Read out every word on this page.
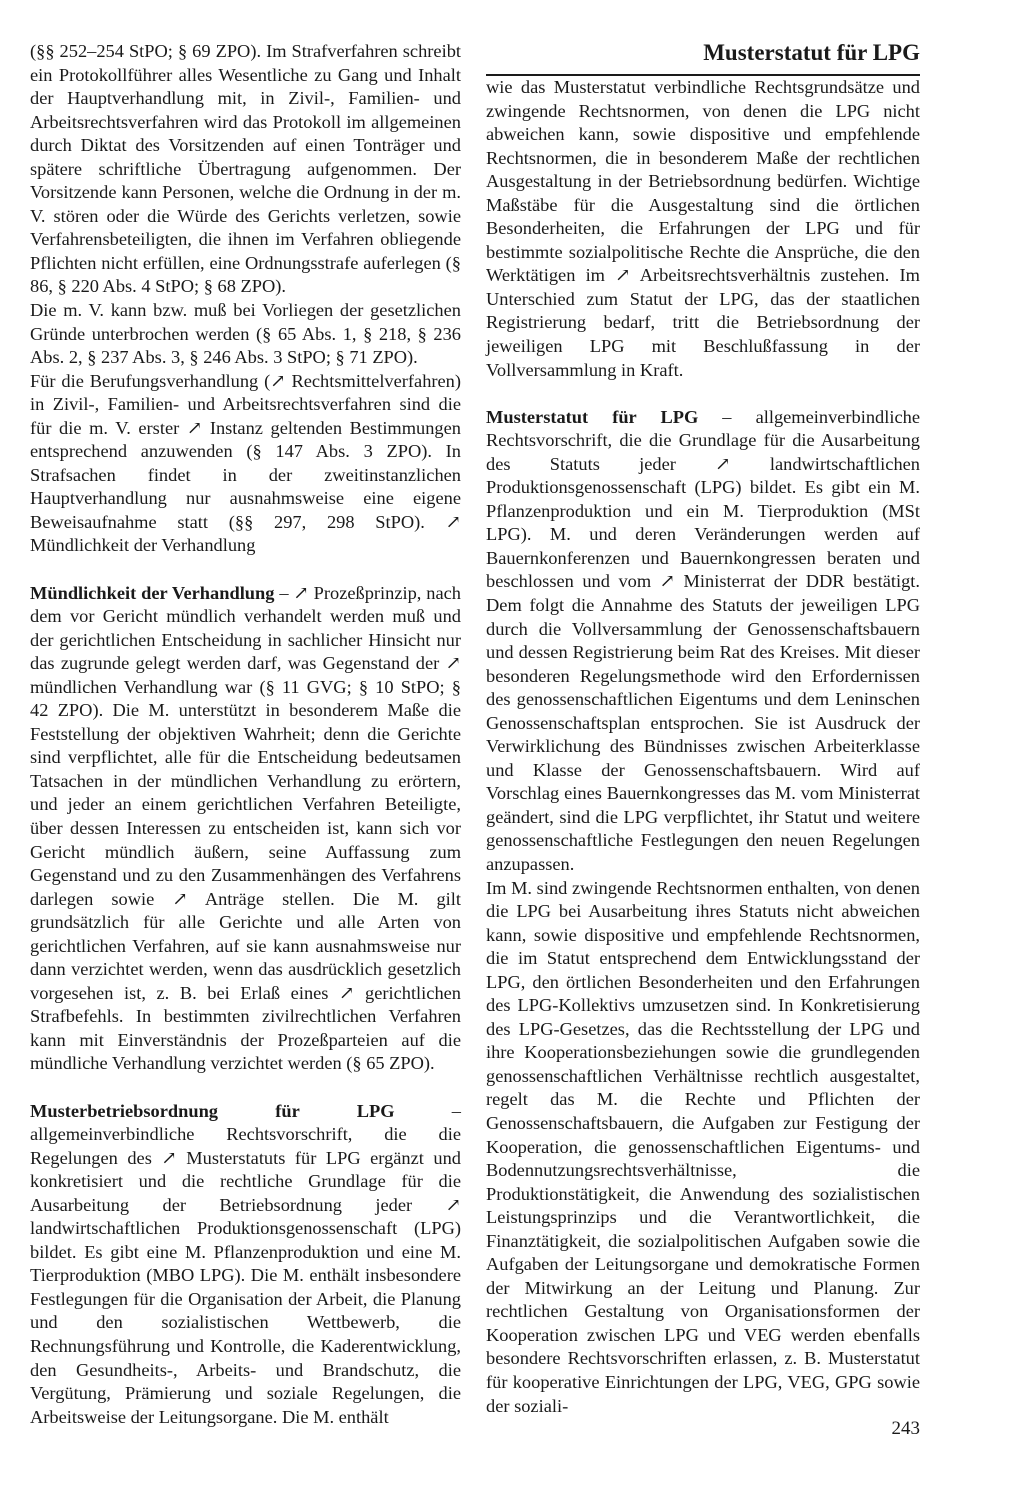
Musterstatut für LPG

(§§ 252–254 StPO; § 69 ZPO). Im Strafverfahren schreibt ein Protokollführer alles Wesentliche zu Gang und Inhalt der Hauptverhandlung mit, in Zivil-, Familien- und Arbeitsrechtsverfahren wird das Protokoll im allgemeinen durch Diktat des Vorsitzenden auf einen Tonträger und spätere schriftliche Übertragung aufgenommen. Der Vorsitzende kann Personen, welche die Ordnung in der m. V. stören oder die Würde des Gerichts verletzen, sowie Verfahrensbeteiligten, die ihnen im Verfahren obliegende Pflichten nicht erfüllen, eine Ordnungsstrafe auferlegen (§ 86, § 220 Abs. 4 StPO; § 68 ZPO).

Die m. V. kann bzw. muß bei Vorliegen der gesetzlichen Gründe unterbrochen werden (§ 65 Abs. 1, § 218, § 236 Abs. 2, § 237 Abs. 3, § 246 Abs. 3 StPO; § 71 ZPO).

Für die Berufungsverhandlung (↗ Rechtsmittelverfahren) in Zivil-, Familien- und Arbeitsrechtsverfahren sind die für die m. V. erster ↗ Instanz geltenden Bestimmungen entsprechend anzuwenden (§ 147 Abs. 3 ZPO). In Strafsachen findet in der zweitinstanzlichen Hauptverhandlung nur ausnahmsweise eine eigene Beweisaufnahme statt (§§ 297, 298 StPO). ↗ Mündlichkeit der Verhandlung

Mündlichkeit der Verhandlung – ↗ Prozeßprinzip, nach dem vor Gericht mündlich verhandelt werden muß und der gerichtlichen Entscheidung in sachlicher Hinsicht nur das zugrunde gelegt werden darf, was Gegenstand der ↗ mündlichen Verhandlung war (§ 11 GVG; § 10 StPO; § 42 ZPO). Die M. unterstützt in besonderem Maße die Feststellung der objektiven Wahrheit; denn die Gerichte sind verpflichtet, alle für die Entscheidung bedeutsamen Tatsachen in der mündlichen Verhandlung zu erörtern, und jeder an einem gerichtlichen Verfahren Beteiligte, über dessen Interessen zu entscheiden ist, kann sich vor Gericht mündlich äußern, seine Auffassung zum Gegenstand und zu den Zusammenhängen des Verfahrens darlegen sowie ↗ Anträge stellen. Die M. gilt grundsätzlich für alle Gerichte und alle Arten von gerichtlichen Verfahren, auf sie kann ausnahmsweise nur dann verzichtet werden, wenn das ausdrücklich gesetzlich vorgesehen ist, z. B. bei Erlaß eines ↗ gerichtlichen Strafbefehls. In bestimmten zivilrechtlichen Verfahren kann mit Einverständnis der Prozeßparteien auf die mündliche Verhandlung verzichtet werden (§ 65 ZPO).

Musterbetriebsordnung für LPG – allgemeinverbindliche Rechtsvorschrift, die die Regelungen des ↗ Musterstatuts für LPG ergänzt und konkretisiert und die rechtliche Grundlage für die Ausarbeitung der Betriebsordnung jeder ↗ landwirtschaftlichen Produktionsgenossenschaft (LPG) bildet. Es gibt eine M. Pflanzenproduktion und eine M. Tierproduktion (MBO LPG). Die M. enthält insbesondere Festlegungen für die Organisation der Arbeit, die Planung und den sozialistischen Wettbewerb, die Rechnungsführung und Kontrolle, die Kaderentwicklung, den Gesundheits-, Arbeits- und Brandschutz, die Vergütung, Prämierung und soziale Regelungen, die Arbeitsweise der Leitungsorgane. Die M. enthält

wie das Musterstatut verbindliche Rechtsgrundsätze und zwingende Rechtsnormen, von denen die LPG nicht abweichen kann, sowie dispositive und empfehlende Rechtsnormen, die in besonderem Maße der rechtlichen Ausgestaltung in der Betriebsordnung bedürfen. Wichtige Maßstäbe für die Ausgestaltung sind die örtlichen Besonderheiten, die Erfahrungen der LPG und für bestimmte sozialpolitische Rechte die Ansprüche, die den Werktätigen im ↗ Arbeitsrechtsverhältnis zustehen. Im Unterschied zum Statut der LPG, das der staatlichen Registrierung bedarf, tritt die Betriebsordnung der jeweiligen LPG mit Beschlußfassung in der Vollversammlung in Kraft.

Musterstatut für LPG – allgemeinverbindliche Rechtsvorschrift, die die Grundlage für die Ausarbeitung des Statuts jeder ↗ landwirtschaftlichen Produktionsgenossenschaft (LPG) bildet. Es gibt ein M. Pflanzenproduktion und ein M. Tierproduktion (MSt LPG). M. und deren Veränderungen werden auf Bauernkonferenzen und Bauernkongressen beraten und beschlossen und vom ↗ Ministerrat der DDR bestätigt. Dem folgt die Annahme des Statuts der jeweiligen LPG durch die Vollversammlung der Genossenschaftsbauern und dessen Registrierung beim Rat des Kreises. Mit dieser besonderen Regelungsmethode wird den Erfordernissen des genossenschaftlichen Eigentums und dem Leninschen Genossenschaftsplan entsprochen. Sie ist Ausdruck der Verwirklichung des Bündnisses zwischen Arbeiterklasse und Klasse der Genossenschaftsbauern. Wird auf Vorschlag eines Bauernkongresses das M. vom Ministerrat geändert, sind die LPG verpflichtet, ihr Statut und weitere genossenschaftliche Festlegungen den neuen Regelungen anzupassen.

Im M. sind zwingende Rechtsnormen enthalten, von denen die LPG bei Ausarbeitung ihres Statuts nicht abweichen kann, sowie dispositive und empfehlende Rechtsnormen, die im Statut entsprechend dem Entwicklungsstand der LPG, den örtlichen Besonderheiten und den Erfahrungen des LPG-Kollektivs umzusetzen sind. In Konkretisierung des LPG-Gesetzes, das die Rechtsstellung der LPG und ihre Kooperationsbeziehungen sowie die grundlegenden genossenschaftlichen Verhältnisse rechtlich ausgestaltet, regelt das M. die Rechte und Pflichten der Genossenschaftsbauern, die Aufgaben zur Festigung der Kooperation, die genossenschaftlichen Eigentums- und Bodennutzungsrechtsverhältnisse, die Produktionstätigkeit, die Anwendung des sozialistischen Leistungsprinzips und die Verantwortlichkeit, die Finanztätigkeit, die sozialpolitischen Aufgaben sowie die Aufgaben der Leitungsorgane und demokratische Formen der Mitwirkung an der Leitung und Planung. Zur rechtlichen Gestaltung von Organisationsformen der Kooperation zwischen LPG und VEG werden ebenfalls besondere Rechtsvorschriften erlassen, z. B. Musterstatut für kooperative Einrichtungen der LPG, VEG, GPG sowie der soziali-

243
